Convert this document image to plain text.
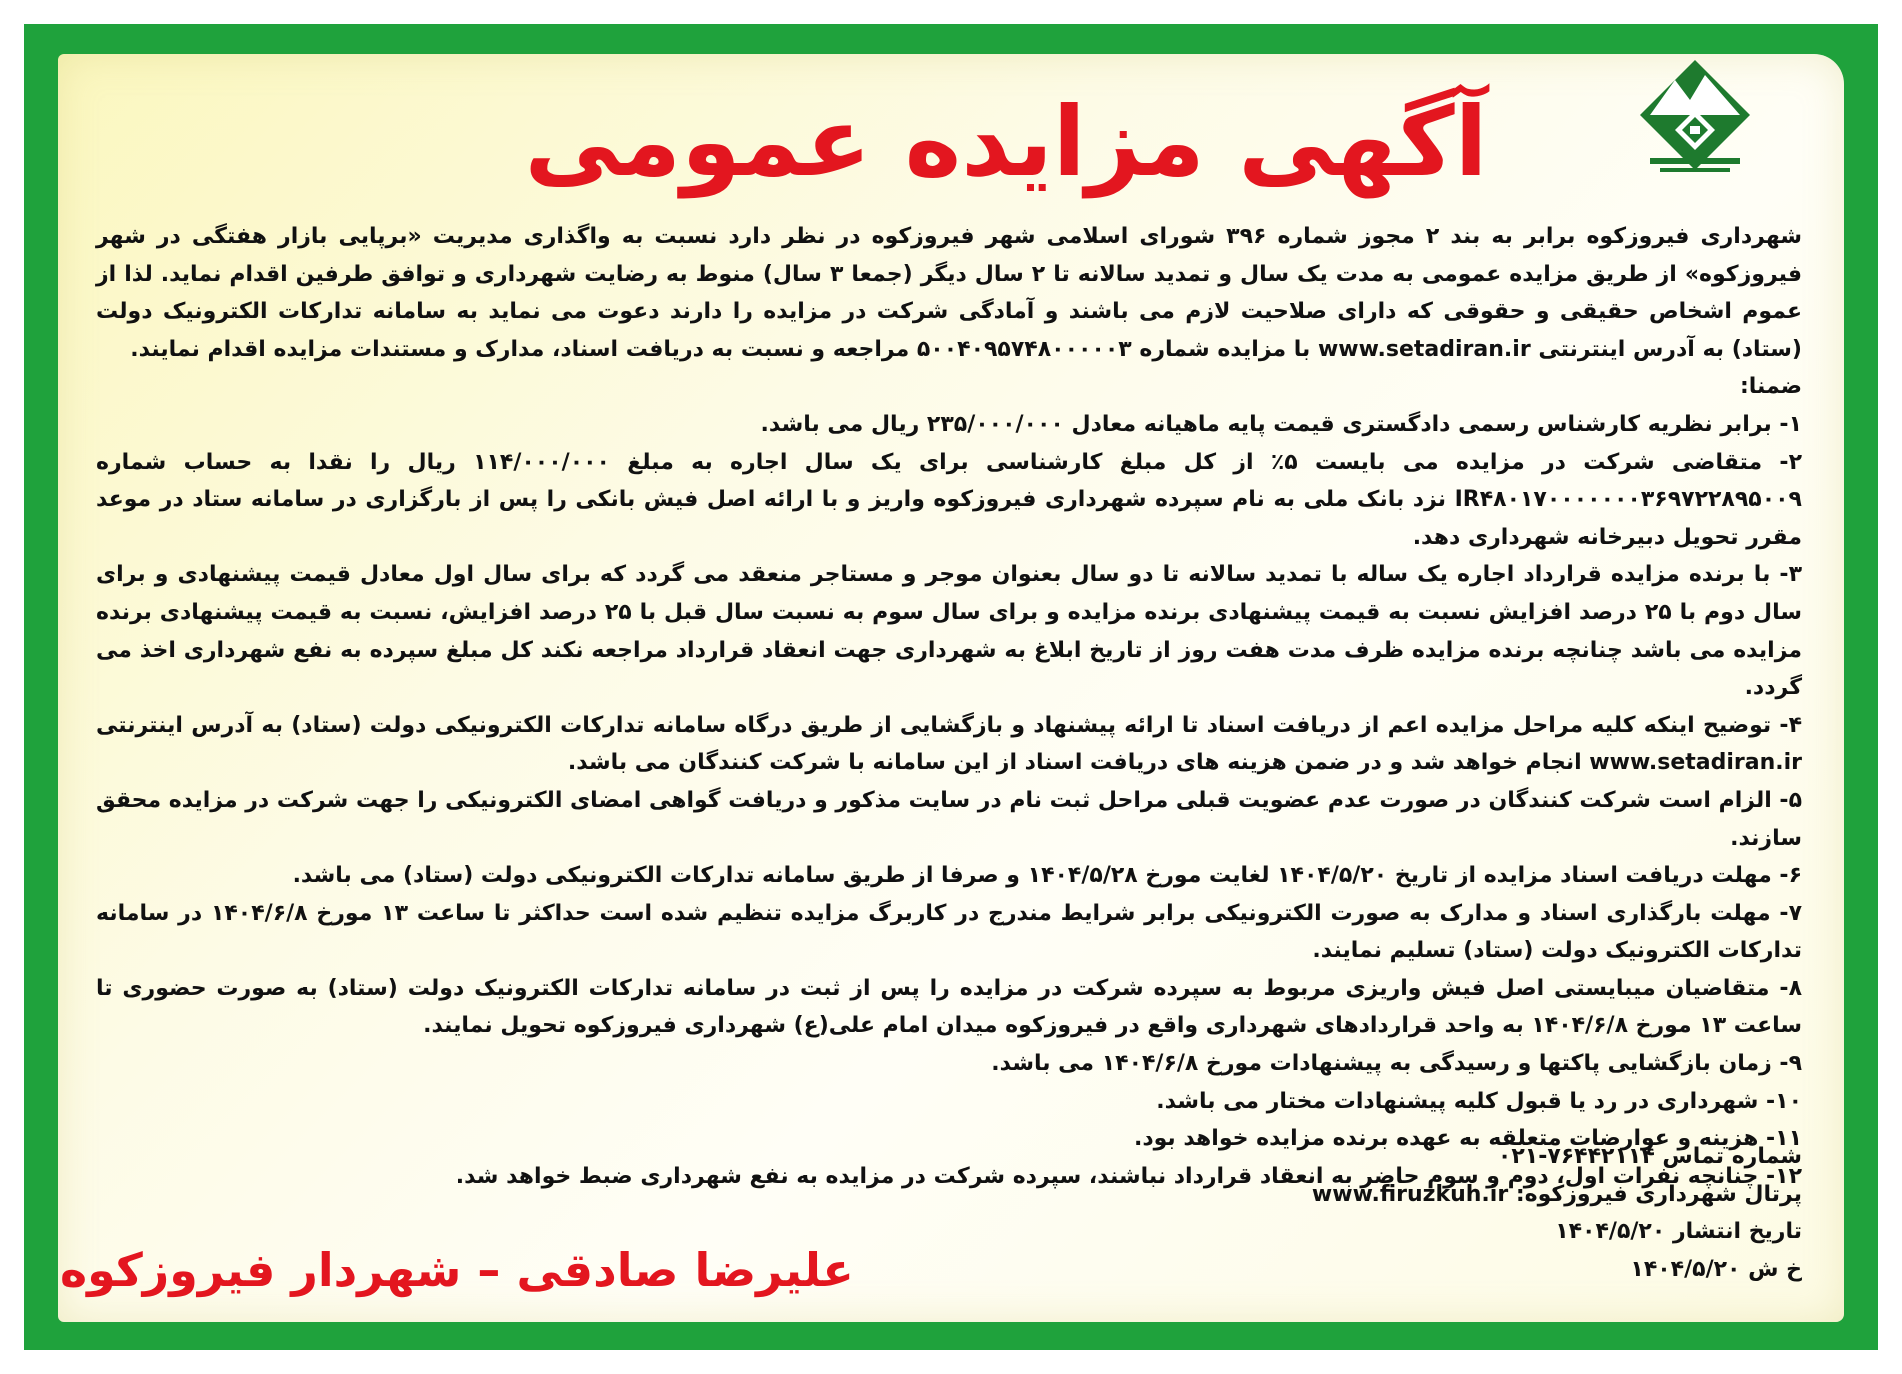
آگهی مزایده عمومی

شهرداری فیروزکوه برابر به بند ۲ مجوز شماره ۳۹۶ شورای اسلامی شهر فیروزکوه در نظر دارد نسبت به واگذاری مدیریت «برپایی بازار هفتگی در شهر فیروزکوه» از طریق مزایده عمومی به مدت یک سال و تمدید سالانه تا ۲ سال دیگر (جمعا ۳ سال) منوط به رضایت شهرداری و توافق طرفین اقدام نماید. لذا از عموم اشخاص حقیقی و حقوقی که دارای صلاحیت لازم می باشند و آمادگی شرکت در مزایده را دارند دعوت می نماید به سامانه تدارکات الکترونیک دولت (ستاد) به آدرس اینترنتی www.setadiran.ir با مزایده شماره ۵۰۰۴۰۹۵۷۴۸۰۰۰۰۰۳ مراجعه و نسبت به دریافت اسناد، مدارک و مستندات مزایده اقدام نمایند.

ضمنا:

۱- برابر نظریه کارشناس رسمی دادگستری قیمت پایه ماهیانه معادل ۲۳۵/۰۰۰/۰۰۰ ریال می باشد.

۲- متقاضی شرکت در مزایده می بایست ۵٪ از کل مبلغ کارشناسی برای یک سال اجاره به مبلغ ۱۱۴/۰۰۰/۰۰۰ ریال را نقدا به حساب شماره IR۴۸۰۱۷۰۰۰۰۰۰۰۳۶۹۷۲۲۸۹۵۰۰۹ نزد بانک ملی به نام سپرده شهرداری فیروزکوه واریز و با ارائه اصل فیش بانکی را پس از بارگزاری در سامانه ستاد در موعد مقرر تحویل دبیرخانه شهرداری دهد.

۳- با برنده مزایده قرارداد اجاره یک ساله با تمدید سالانه تا دو سال بعنوان موجر و مستاجر منعقد می گردد که برای سال اول معادل قیمت پیشنهادی و برای سال دوم با ۲۵ درصد افزایش نسبت به قیمت پیشنهادی برنده مزایده و برای سال سوم به نسبت سال قبل با ۲۵ درصد افزایش، نسبت به قیمت پیشنهادی برنده مزایده می باشد چنانچه برنده مزایده ظرف مدت هفت روز از تاریخ ابلاغ به شهرداری جهت انعقاد قرارداد مراجعه نکند کل مبلغ سپرده به نفع شهرداری اخذ می گردد.

۴- توضیح اینکه کلیه مراحل مزایده اعم از دریافت اسناد تا ارائه پیشنهاد و بازگشایی از طریق درگاه سامانه تدارکات الکترونیکی دولت (ستاد) به آدرس اینترنتی www.setadiran.ir انجام خواهد شد و در ضمن هزینه های دریافت اسناد از این سامانه با شرکت کنندگان می باشد.

۵- الزام است شرکت کنندگان در صورت عدم عضویت قبلی مراحل ثبت نام در سایت مذکور و دریافت گواهی امضای الکترونیکی را جهت شرکت در مزایده محقق سازند.

۶- مهلت دریافت اسناد مزایده از تاریخ ۱۴۰۴/۵/۲۰ لغایت مورخ ۱۴۰۴/۵/۲۸ و صرفا از طریق سامانه تدارکات الکترونیکی دولت (ستاد) می باشد.

۷- مهلت بارگذاری اسناد و مدارک به صورت الکترونیکی برابر شرایط مندرج در کاربرگ مزایده تنظیم شده است حداکثر تا ساعت ۱۳ مورخ ۱۴۰۴/۶/۸ در سامانه تدارکات الکترونیک دولت (ستاد) تسلیم نمایند.

۸- متقاضیان میبایستی اصل فیش واریزی مربوط به سپرده شرکت در مزایده را پس از ثبت در سامانه تدارکات الکترونیک دولت (ستاد) به صورت حضوری تا ساعت ۱۳ مورخ ۱۴۰۴/۶/۸ به واحد قراردادهای شهرداری واقع در فیروزکوه میدان امام علی(ع) شهرداری فیروزکوه تحویل نمایند.

۹- زمان بازگشایی پاکتها و رسیدگی به پیشنهادات مورخ ۱۴۰۴/۶/۸ می باشد.

۱۰- شهرداری در رد یا قبول کلیه پیشنهادات مختار می باشد.

۱۱- هزینه و عوارضات متعلقه به عهده برنده مزایده خواهد بود.

۱۲- چنانچه نفرات اول، دوم و سوم حاضر به انعقاد قرارداد نباشند، سپرده شرکت در مزایده به نفع شهرداری ضبط خواهد شد.

شماره تماس ۷۶۴۴۲۱۱۴-۰۲۱
پرتال شهرداری فیروزکوه: www.firuzkuh.ir
تاریخ انتشار ۱۴۰۴/۵/۲۰
خ ش ۱۴۰۴/۵/۲۰
علیرضا صادقی – شهردار فیروزکوه
